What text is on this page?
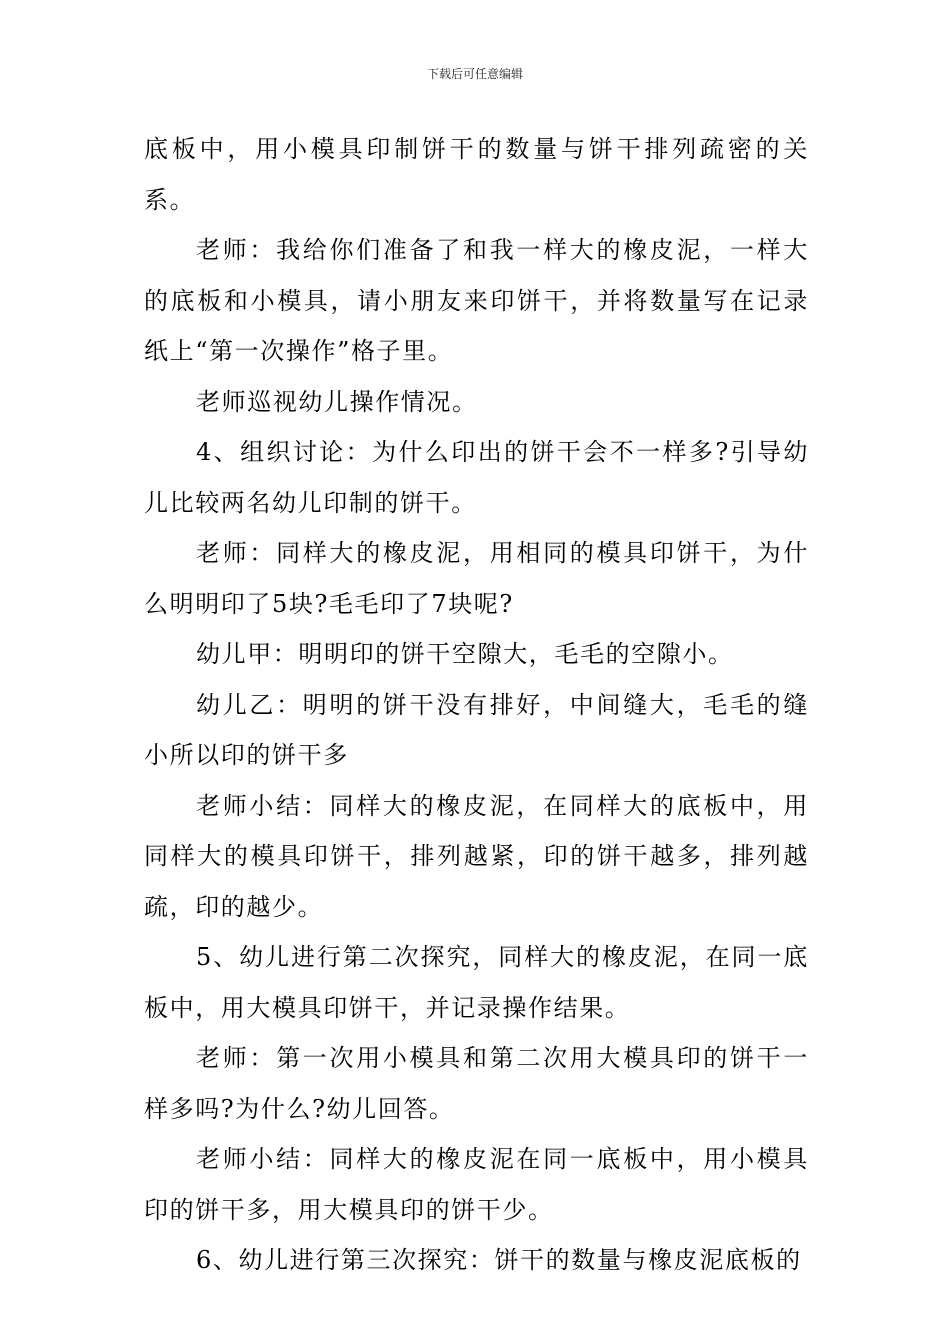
下载后可任意编辑

底板中，用小模具印制饼干的数量与饼干排列疏密的关系。

老师：我给你们准备了和我一样大的橡皮泥，一样大的底板和小模具，请小朋友来印饼干，并将数量写在记录纸上“第一次操作”格子里。

老师巡视幼儿操作情况。

4、组织讨论：为什么印出的饼干会不一样多?引导幼儿比较两名幼儿印制的饼干。

老师：同样大的橡皮泥，用相同的模具印饼干，为什么明明印了5块?毛毛印了7块呢?

幼儿甲：明明印的饼干空隙大，毛毛的空隙小。

幼儿乙：明明的饼干没有排好，中间缝大，毛毛的缝小所以印的饼干多

老师小结：同样大的橡皮泥，在同样大的底板中，用同样大的模具印饼干，排列越紧，印的饼干越多，排列越疏，印的越少。

5、幼儿进行第二次探究，同样大的橡皮泥，在同一底板中，用大模具印饼干，并记录操作结果。

老师：第一次用小模具和第二次用大模具印的饼干一样多吗?为什么?幼儿回答。

老师小结：同样大的橡皮泥在同一底板中，用小模具印的饼干多，用大模具印的饼干少。

6、幼儿进行第三次探究：饼干的数量与橡皮泥底板的
